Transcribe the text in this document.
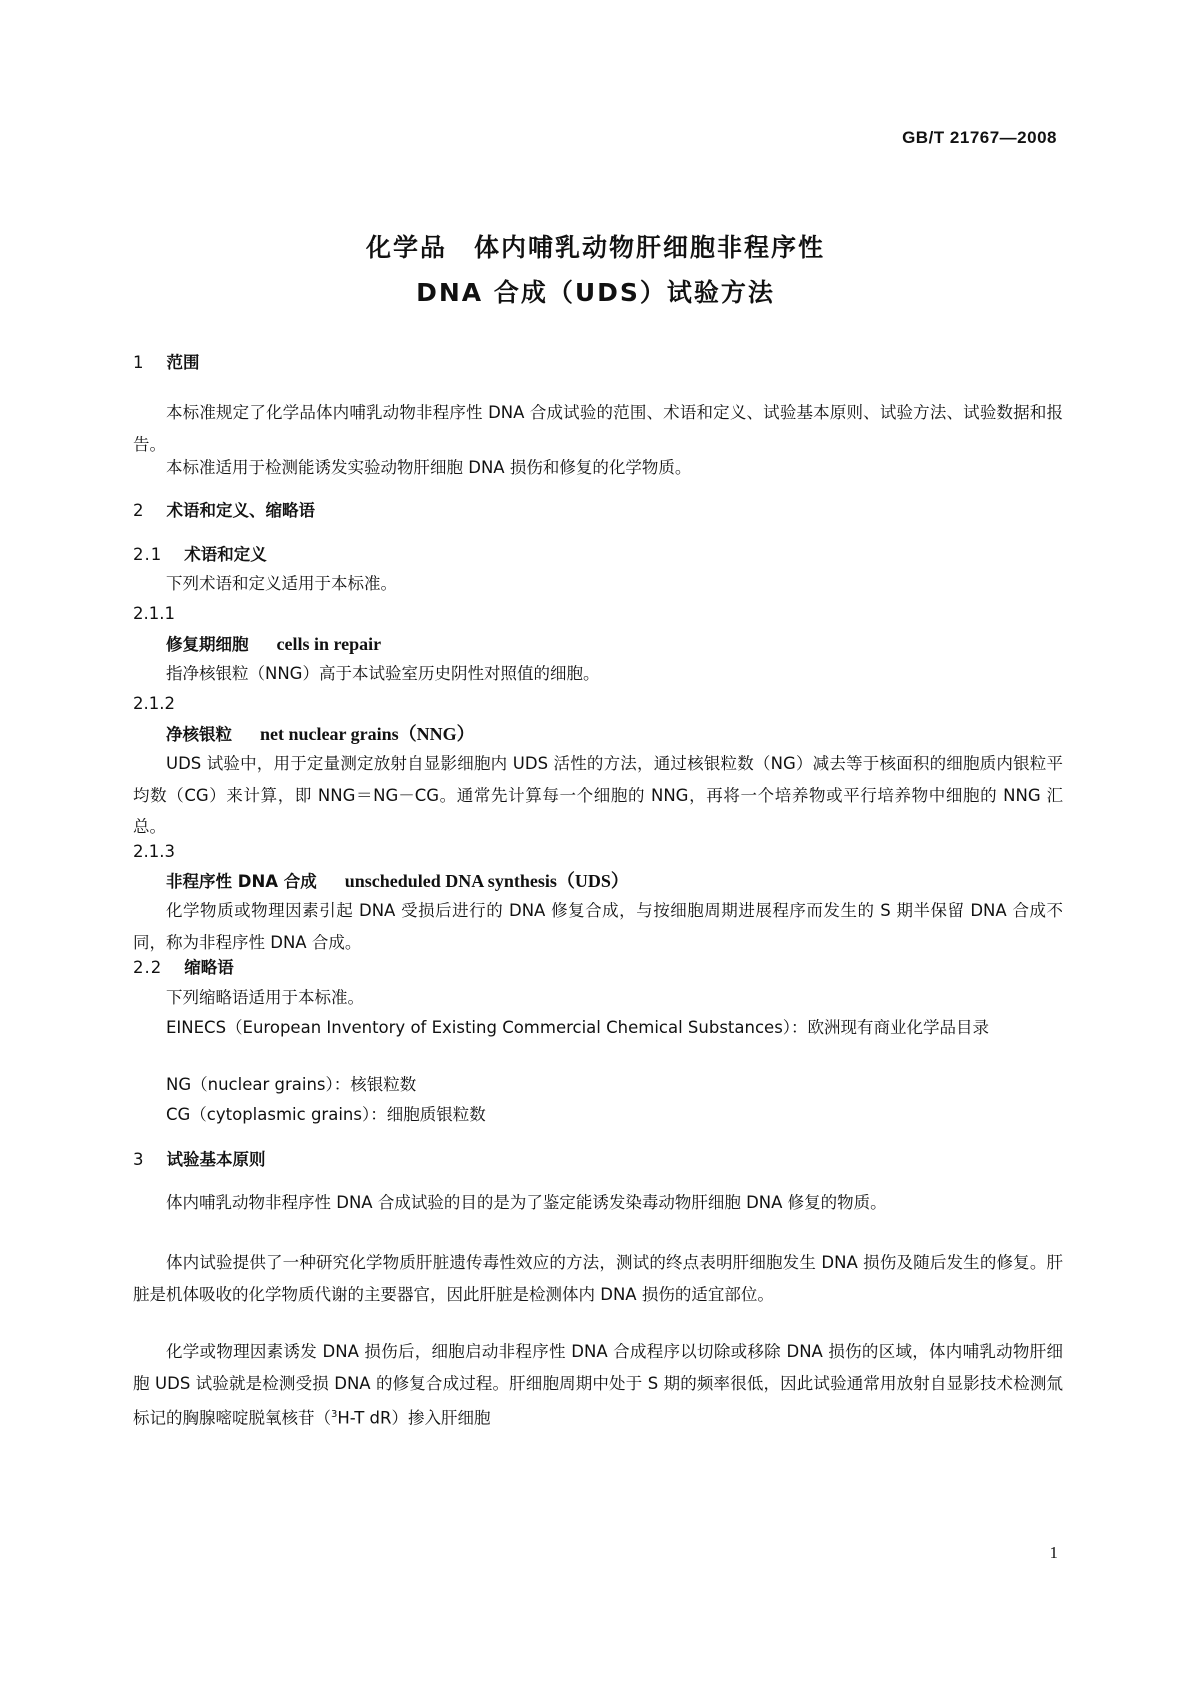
GB/T 21767—2008
化学品　体内哺乳动物肝细胞非程序性
DNA 合成（UDS）试验方法
1 范围
本标准规定了化学品体内哺乳动物非程序性 DNA 合成试验的范围、术语和定义、试验基本原则、试验方法、试验数据和报告。
本标准适用于检测能诱发实验动物肝细胞 DNA 损伤和修复的化学物质。
2 术语和定义、缩略语
2.1 术语和定义
下列术语和定义适用于本标准。
2.1.1
修复期细胞 cells in repair
指净核银粒（NNG）高于本试验室历史阴性对照值的细胞。
2.1.2
净核银粒 net nuclear grains（NNG）
UDS 试验中，用于定量测定放射自显影细胞内 UDS 活性的方法，通过核银粒数（NG）减去等于核面积的细胞质内银粒平均数（CG）来计算，即 NNG＝NG－CG。通常先计算每一个细胞的 NNG，再将一个培养物或平行培养物中细胞的 NNG 汇总。
2.1.3
非程序性 DNA 合成 unscheduled DNA synthesis（UDS）
化学物质或物理因素引起 DNA 受损后进行的 DNA 修复合成，与按细胞周期进展程序而发生的 S 期半保留 DNA 合成不同，称为非程序性 DNA 合成。
2.2 缩略语
下列缩略语适用于本标准。
EINECS（European Inventory of Existing Commercial Chemical Substances）：欧洲现有商业化学品目录
NG（nuclear grains）：核银粒数
CG（cytoplasmic grains）：细胞质银粒数
3 试验基本原则
体内哺乳动物非程序性 DNA 合成试验的目的是为了鉴定能诱发染毒动物肝细胞 DNA 修复的物质。
体内试验提供了一种研究化学物质肝脏遗传毒性效应的方法，测试的终点表明肝细胞发生 DNA 损伤及随后发生的修复。肝脏是机体吸收的化学物质代谢的主要器官，因此肝脏是检测体内 DNA 损伤的适宜部位。
化学或物理因素诱发 DNA 损伤后，细胞启动非程序性 DNA 合成程序以切除或移除 DNA 损伤的区域，体内哺乳动物肝细胞 UDS 试验就是检测受损 DNA 的修复合成过程。肝细胞周期中处于 S 期的频率很低，因此试验通常用放射自显影技术检测氚标记的胸腺嘧啶脱氧核苷（$^3$H-T dR）掺入肝细胞
1
